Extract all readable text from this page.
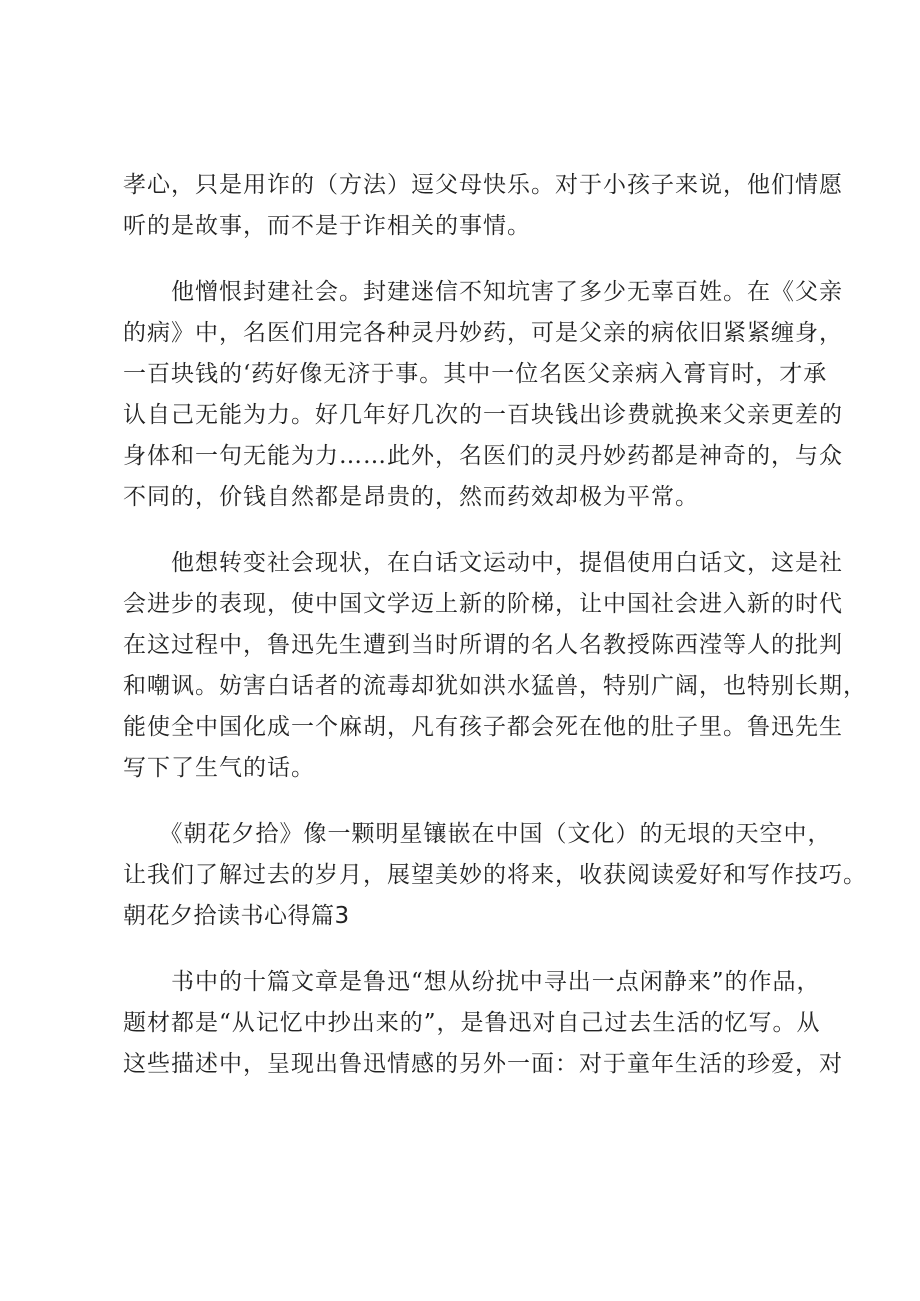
孝心，只是用诈的（方法）逗父母快乐。对于小孩子来说，他们情愿
听的是故事，而不是于诈相关的事情。
　　他憎恨封建社会。封建迷信不知坑害了多少无辜百姓。在《父亲
的病》中，名医们用完各种灵丹妙药，可是父亲的病依旧紧紧缠身，
一百块钱的‘药好像无济于事。其中一位名医父亲病入膏肓时，才承
认自己无能为力。好几年好几次的一百块钱出诊费就换来父亲更差的
身体和一句无能为力……此外，名医们的灵丹妙药都是神奇的，与众
不同的，价钱自然都是昂贵的，然而药效却极为平常。
　　他想转变社会现状，在白话文运动中，提倡使用白话文，这是社
会进步的表现，使中国文学迈上新的阶梯，让中国社会进入新的时代
在这过程中，鲁迅先生遭到当时所谓的名人名教授陈西滢等人的批判
和嘲讽。妨害白话者的流毒却犹如洪水猛兽，特别广阔，也特别长期，
能使全中国化成一个麻胡，凡有孩子都会死在他的肚子里。鲁迅先生
写下了生气的话。
　　《朝花夕拾》像一颗明星镶嵌在中国（文化）的无垠的天空中，
让我们了解过去的岁月，展望美妙的将来，收获阅读爱好和写作技巧。
朝花夕拾读书心得篇3
　　书中的十篇文章是鲁迅“想从纷扰中寻出一点闲静来”的作品，
题材都是“从记忆中抄出来的”，是鲁迅对自己过去生活的忆写。从
这些描述中，呈现出鲁迅情感的另外一面：对于童年生活的珍爱，对
